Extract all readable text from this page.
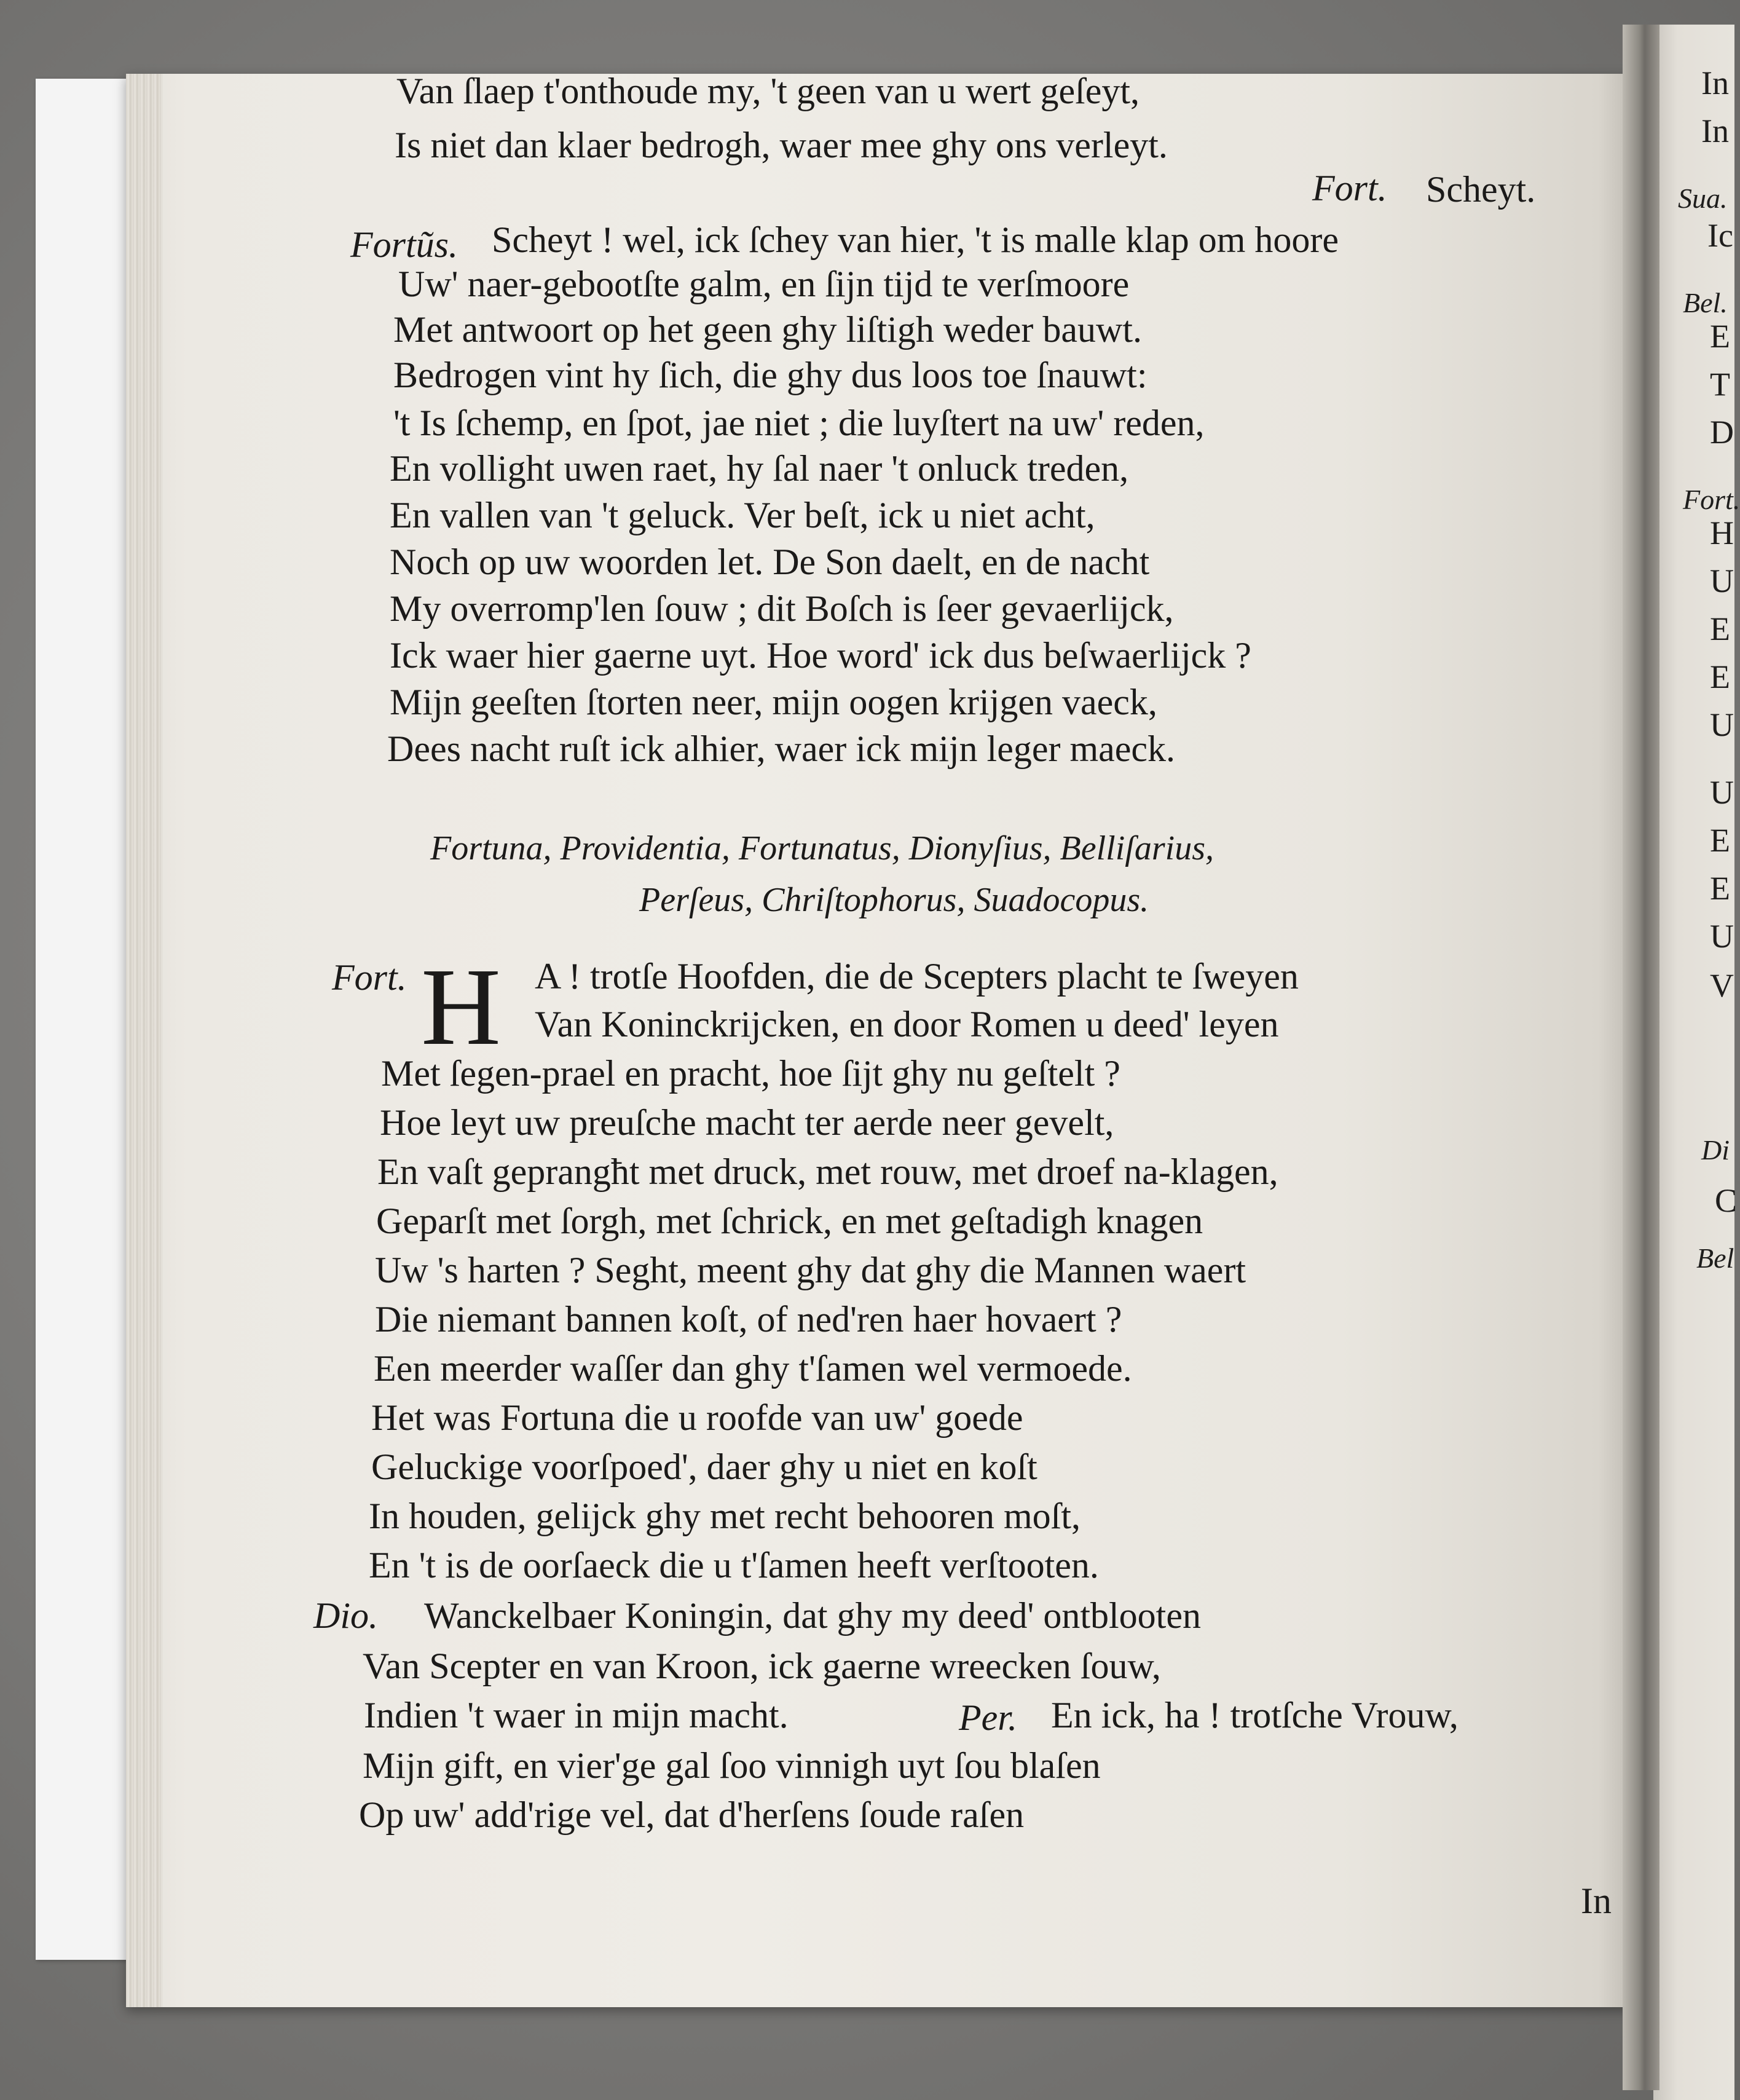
Van ſlaep t'onthoude my, 't geen van u wert geſeyt,

Is niet dan klaer bedrogh, waer mee ghy ons verleyt.

Fort. Scheyt.

Fortũs. Scheyt ! wel, ick ſchey van hier, 't is malle klap om hoore

Uw' naer-gebootſte galm, en ſijn tijd te verſmoore

Met antwoort op het geen ghy liſtigh weder bauwt.

Bedrogen vint hy ſich, die ghy dus loos toe ſnauwt:

't Is ſchemp, en ſpot, jae niet ; die luyſtert na uw' reden,

En vollight uwen raet, hy ſal naer 't onluck treden,

En vallen van 't geluck. Ver beſt, ick u niet acht,

Noch op uw woorden let. De Son daelt, en de nacht

My overromp'len ſouw ; dit Boſch is ſeer gevaerlijck,

Ick waer hier gaerne uyt. Hoe word' ick dus beſwaerlijck ?

Mijn geeſten ſtorten neer, mijn oogen krijgen vaeck,

Dees nacht ruſt ick alhier, waer ick mijn leger maeck.

Fortuna, Providentia, Fortunatus, Dionyſius, Belliſarius,

Perſeus, Chriſtophorus, Suadocopus.

Fort. H A ! trotſe Hoofden, die de Scepters placht te ſweyen

Van Koninckrijcken, en door Romen u deed' leyen

Met ſegen-prael en pracht, hoe ſijt ghy nu geſtelt ?

Hoe leyt uw preuſche macht ter aerde neer gevelt,

En vaſt geprangħt met druck, met rouw, met droef na-klagen,

Geparſt met ſorgh, met ſchrick, en met geſtadigh knagen

Uw 's harten ? Seght, meent ghy dat ghy die Mannen waert

Die niemant bannen koſt, of ned'ren haer hovaert ?

Een meerder waſſer dan ghy t'ſamen wel vermoede.

Het was Fortuna die u roofde van uw' goede

Geluckige voorſpoed', daer ghy u niet en koſt

In houden, gelijck ghy met recht behooren moſt,

En 't is de oorſaeck die u t'ſamen heeft verſtooten.

Dio. Wanckelbaer Koningin, dat ghy my deed' ontblooten

Van Scepter en van Kroon, ick gaerne wreecken ſouw,

Indien 't waer in mijn macht.	Per. En ick, ha ! trotſche Vrouw,

Mijn gift, en vier'ge gal ſoo vinnigh uyt ſou blaſen

Op uw' add'rige vel, dat d'herſens ſoude raſen

In

In

In

Sua.

Ic

Bel.

E

T

D

Fort.

H

U

E

E

U

U

E

E

U

V

Di

C

Bel
